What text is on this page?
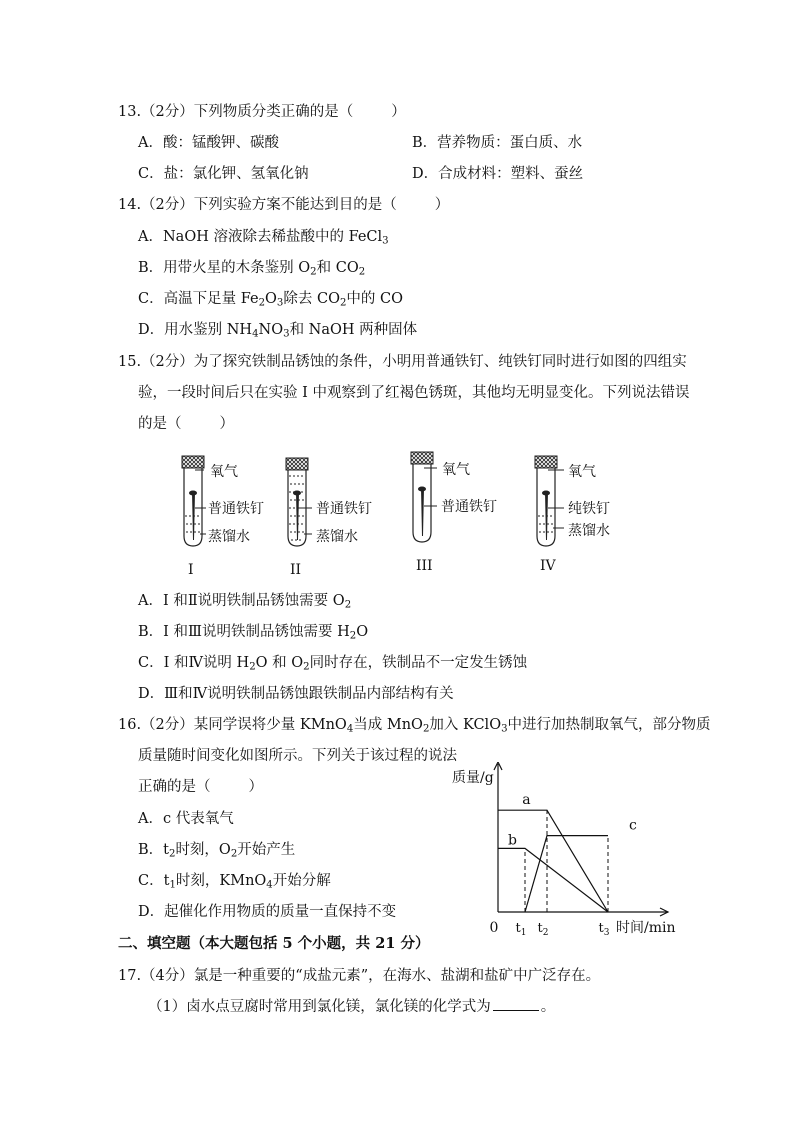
13.（2分）下列物质分类正确的是（	）
A．酸：锰酸钾、碳酸	B．营养物质：蛋白质、水
C．盐：氯化钾、氢氧化钠	D．合成材料：塑料、蚕丝
14.（2分）下列实验方案不能达到目的是（	）
A．NaOH 溶液除去稀盐酸中的 FeCl$_3$
B．用带火星的木条鉴别 $O_2$和 $CO_2$
C．高温下足量 $Fe_2O_3$除去 $CO_2$中的 CO
D．用水鉴别 $NH_4NO_3$和 NaOH 两种固体
15.（2分）为了探究铁制品锈蚀的条件，小明用普通铁钉、纯铁钉同时进行如图的四组实
验，一段时间后只在实验 I 中观察到了红褐色锈斑，其他均无明显变化。下列说法错误
的是（	）
氧气
普通铁钉
蒸馏水
I
普通铁钉
蒸馏水
II
氧气
普通铁钉
III
氧气
纯铁钉
蒸馏水
IV
A．I 和Ⅱ说明铁制品锈蚀需要 $O_2$
B．I 和Ⅲ说明铁制品锈蚀需要 $H_2O$
C．I 和Ⅳ说明 $H_2O$ 和 $O_2$同时存在，铁制品不一定发生锈蚀
D．Ⅲ和Ⅳ说明铁制品锈蚀跟铁制品内部结构有关
16.（2分）某同学误将少量 KMnO$_4$当成 MnO$_2$加入 KClO$_3$中进行加热制取氧气，部分物质
质量随时间变化如图所示。下列关于该过程的说法
正确的是（	）
A．c 代表氧气
B．$t_2$时刻，$O_2$开始产生
C．$t_1$时刻，KMnO$_4$开始分解
D．起催化作用物质的质量一直保持不变
a
b
c
质量/g
时间/min
0 $t_1$ $t_2$	$t_3$
二、填空题（本大题包括 5 个小题，共 21 分）
17.（4分）氯是一种重要的“成盐元素”，在海水、盐湖和盐矿中广泛存在。
（1）卤水点豆腐时常用到氯化镁，氯化镁的化学式为	。
